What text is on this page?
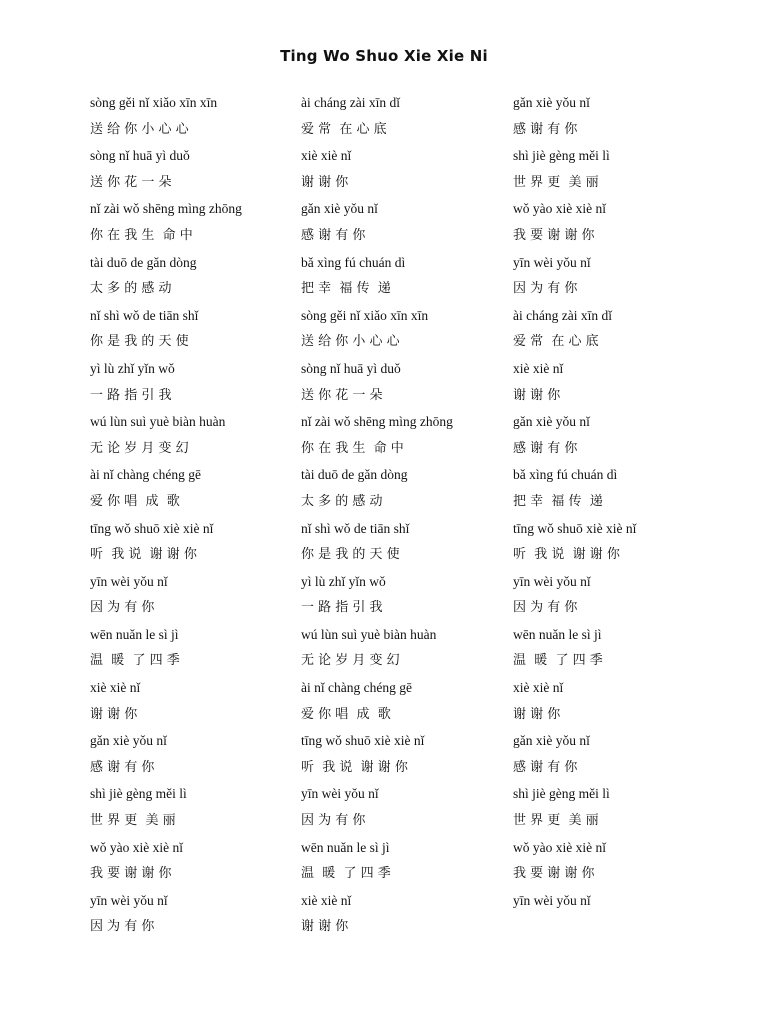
Ting Wo Shuo Xie Xie Ni
sòng gěi nǐ xiǎo xīn xīn
送 给 你 小 心 心
sòng nǐ huā yì duǒ
送 你 花 一 朵
nǐ zài wǒ shēng mìng zhōng
你 在 我 生  命 中
tài duō de gǎn dòng
太 多 的 感 动
nǐ shì wǒ de tiān shǐ
你 是 我 的 天 使
yì lù zhǐ yǐn wǒ
一 路 指 引 我
wú lùn suì yuè biàn huàn
无 论 岁 月 变 幻
ài nǐ chàng chéng gē
爱 你 唱  成  歌
tīng wǒ shuō xiè xiè nǐ
听  我 说  谢 谢 你
yīn wèi yǒu nǐ
因 为 有 你
wēn nuǎn le sì jì
温  暖  了 四 季
xiè xiè nǐ
谢 谢 你
gǎn xiè yǒu nǐ
感 谢 有 你
shì jiè gèng měi lì
世 界 更  美 丽
wǒ yào xiè xiè nǐ
我 要 谢 谢 你
yīn wèi yǒu nǐ
因 为 有 你
ài cháng zài xīn dǐ
爱 常  在 心 底
xiè xiè nǐ
谢 谢 你
gǎn xiè yǒu nǐ
感 谢 有 你
bǎ xìng fú chuán dì
把 幸  福 传  递
sòng gěi nǐ xiǎo xīn xīn
送 给 你 小 心 心
sòng nǐ huā yì duǒ
送 你 花 一 朵
nǐ zài wǒ shēng mìng zhōng
你 在 我 生  命 中
tài duō de gǎn dòng
太 多 的 感 动
nǐ shì wǒ de tiān shǐ
你 是 我 的 天 使
yì lù zhǐ yǐn wǒ
一 路 指 引 我
wú lùn suì yuè biàn huàn
无 论 岁 月 变 幻
ài nǐ chàng chéng gē
爱 你 唱  成  歌
tīng wǒ shuō xiè xiè nǐ
听  我 说  谢 谢 你
yīn wèi yǒu nǐ
因 为 有 你
wēn nuǎn le sì jì
温  暖  了 四 季
xiè xiè nǐ
谢 谢 你
gǎn xiè yǒu nǐ
感 谢 有 你
shì jiè gèng měi lì
世 界 更  美 丽
wǒ yào xiè xiè nǐ
我 要 谢 谢 你
yīn wèi yǒu nǐ
因 为 有 你
ài cháng zài xīn dǐ
爱 常  在 心 底
xiè xiè nǐ
谢 谢 你
gǎn xiè yǒu nǐ
感 谢 有 你
bǎ xìng fú chuán dì
把 幸  福 传  递
tīng wǒ shuō xiè xiè nǐ
听  我 说  谢 谢 你
yīn wèi yǒu nǐ
因 为 有 你
wēn nuǎn le sì jì
温  暖  了 四 季
xiè xiè nǐ
谢 谢 你
gǎn xiè yǒu nǐ
感 谢 有 你
shì jiè gèng měi lì
世 界 更  美 丽
wǒ yào xiè xiè nǐ
我 要 谢 谢 你
yīn wèi yǒu nǐ
